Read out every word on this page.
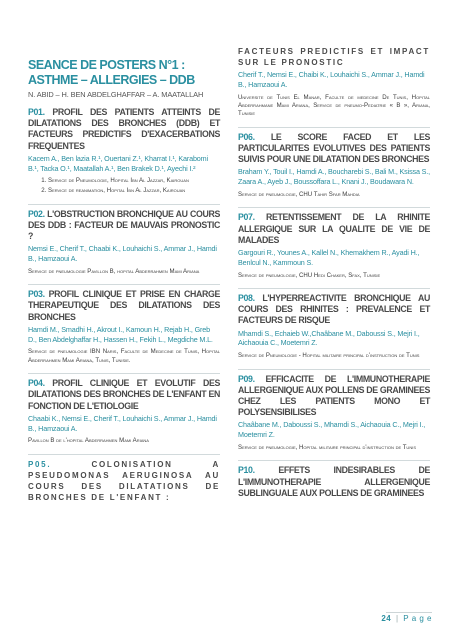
SEANCE DE POSTERS N°1 :
ASTHME – ALLERGIES – DDB
N. ABID – H. BEN ABDELGHAFFAR – A. MAATALLAH
P01. PROFIL DES PATIENTS ATTEINTS DE DILATATIONS DES BRONCHES (DDB) ET FACTEURS PREDICTIFS D'EXACERBATIONS FREQUENTES
Kacem A., Ben lazia R.¹, Ouertani Z.¹, Kharrat I.¹, Karabomi B.¹, Tacka O.¹, Maatallah A.¹, Ben Brakek D.¹, Ayechi I.²
1. Service de Pneumologie, Hopital Ibn Al Jazzar, Kairouan
2. Service de reanimation, Hopital Ibn Al Jazzar, Kairouan
P02. L'OBSTRUCTION BRONCHIQUE AU COURS DES DDB : FACTEUR DE MAUVAIS PRONOSTIC ?
Nemsi E., Cherif T., Chaabi K., Louhaichi S., Ammar J., Hamdi B., Hamzaoui A.
Service de pneumologie Pavillon B, hopital Abderrahmen Mami Ariana
P03. PROFIL CLINIQUE ET PRISE EN CHARGE THERAPEUTIQUE DES DILATATIONS DES BRONCHES
Hamdi M., Smadhi H., Akrout I., Kamoun H., Rejab H., Greb D., Ben Abdelghaffar H., Hassen H., Fekih L., Megdiche M.L.
Service de pneumologie IBN Naris, Faculte de Medecine de Tunis, Hopital Abderrahmen Mami Ariana, Tunis, Tunisie.
P04. PROFIL CLINIQUE ET EVOLUTIF DES DILATATIONS DES BRONCHES DE L'ENFANT EN FONCTION DE L'ETIOLOGIE
Chaabi K., Nemsi E., Cherif T., Louhaichi S., Ammar J., Hamdi B., Hamzaoui A.
Pavillon B de l'hopital Abderrahmen Mami Ariana
P05. COLONISATION A PSEUDOMONAS AERUGINOSA AU COURS DES DILATATIONS DE BRONCHES DE L'ENFANT :
FACTEURS PREDICTIFS ET IMPACT SUR LE PRONOSTIC
Cherif T., Nemsi E., Chaibi K., Louhaichi S., Ammar J., Hamdi B., Hamzaoui A.
Universite de Tunis El Manar, Faculte de medecine De Tunis, Hopital Abderrahmane Mami Ariana, Service de pneumo-Pediatrie « B », Ariana, Tunisie
P06. LE SCORE FACED ET LES PARTICULARITES EVOLUTIVES DES PATIENTS SUIVIS POUR UNE DILATATION DES BRONCHES
Braham Y., Touil I., Hamdi A., Boucharebi S., Bali M., Ksiss​a S., Zaara A., Ayeb J., Boussoffara L., Knani J., Boudawara N.
Service de pneumologie, CHU Tahir Sfar Mahdia
P07. RETENTISSEMENT DE LA RHINITE ALLERGIQUE SUR LA QUALITE DE VIE DE MALADES
Gargouri R., Younes A., Kallel N., Khemakhem R., Ayadi H., Benlcul N., Kammoun S.
Service de pneumologie, CHU Hedi Chaker, Sfax, Tunisie
P08. L'HYPERREACTIVITE BRONCHIQUE AU COURS DES RHINITES : PREVALENCE ET FACTEURS DE RISQUE
Mhamdi S., Echaieb W.,Chaâbane M., Daboussi S., Mejri I., Aichaouia C., Moetemri Z.
Service de Pneumologie - Hopital militaire principal d'instruction de Tunis
P09. EFFICACITE DE L'IMMUNOTHERAPIE ALLERGENIQUE AUX POLLENS DE GRAMINEES CHEZ LES PATIENTS MONO ET POLYSENSIBILISES
Chaâbane M., Daboussi S., Mhamdi S., Aichaouia C., Mejri I., Moetemri Z.
Service de pneumologie, Hopital militaire principal d'instruction de Tunis
P10. EFFETS INDESIRABLES DE L'IMMUNOTHERAPIE ALLERGENIQUE SUBLINGUALE AUX POLLENS DE GRAMINEES
24 | P a g e
